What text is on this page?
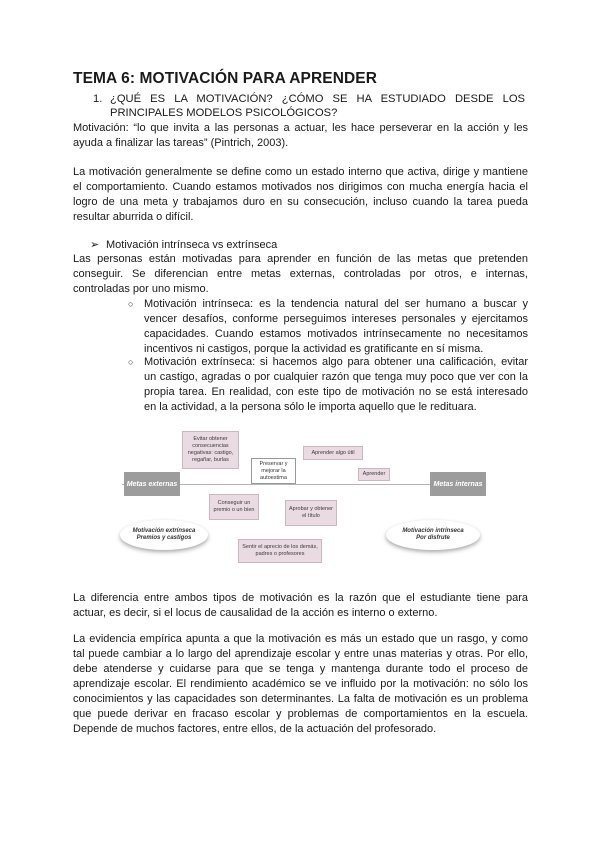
TEMA 6: MOTIVACIÓN PARA APRENDER
1. ¿QUÉ ES LA MOTIVACIÓN? ¿CÓMO SE HA ESTUDIADO DESDE LOS
PRINCIPALES MODELOS PSICOLÓGICOS?
Motivación: “lo que invita a las personas a actuar, les hace perseverar en la acción y les
ayuda a finalizar las tareas” (Pintrich, 2003).
La motivación generalmente se define como un estado interno que activa, dirige y mantiene
el comportamiento. Cuando estamos motivados nos dirigimos con mucha energía hacia el
logro de una meta y trabajamos duro en su consecución, incluso cuando la tarea pueda
resultar aburrida o difícil.
➢ Motivación intrínseca vs extrínseca
Las personas están motivadas para aprender en función de las metas que pretenden
conseguir. Se diferencian entre metas externas, controladas por otros, e internas,
controladas por uno mismo.
○ Motivación intrínseca: es la tendencia natural del ser humano a buscar y
vencer desafíos, conforme perseguimos intereses personales y ejercitamos
capacidades. Cuando estamos motivados intrínsecamente no necesitamos
incentivos ni castigos, porque la actividad es gratificante en sí misma.
○ Motivación extrínseca: si hacemos algo para obtener una calificación, evitar
un castigo, agradas o por cualquier razón que tenga muy poco que ver con la
propia tarea. En realidad, con este tipo de motivación no se está interesado
en la actividad, a la persona sólo le importa aquello que le redituara.
Metas externas	Metas internas
Evitar obtener consecuencias negativas: castigo, regañar, burlas
Preservar y mejorar la autoestima
Aprender algo útil
Aprender
Conseguir un premio o un bien	Aprobar y obtener el título
Sentir el aprecio de los demás, padres o profesores
Motivación extrínseca
Premios y castigos
Motivación intrínseca
Por disfrute
La diferencia entre ambos tipos de motivación es la razón que el estudiante tiene para
actuar, es decir, si el locus de causalidad de la acción es interno o externo.
La evidencia empírica apunta a que la motivación es más un estado que un rasgo, y como
tal puede cambiar a lo largo del aprendizaje escolar y entre unas materias y otras. Por ello,
debe atenderse y cuidarse para que se tenga y mantenga durante todo el proceso de
aprendizaje escolar. El rendimiento académico se ve influido por la motivación: no sólo los
conocimientos y las capacidades son determinantes. La falta de motivación es un problema
que puede derivar en fracaso escolar y problemas de comportamientos en la escuela.
Depende de muchos factores, entre ellos, de la actuación del profesorado.
